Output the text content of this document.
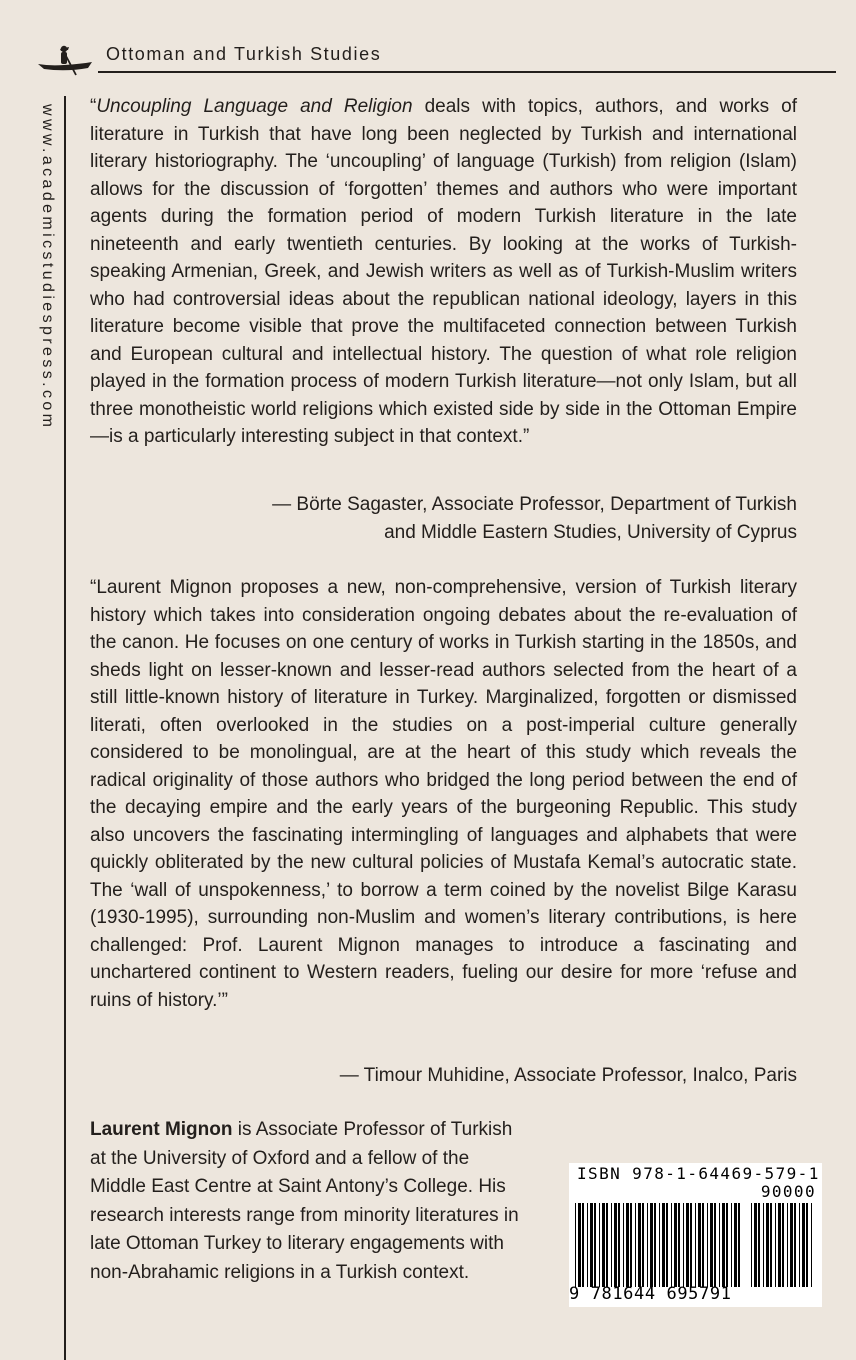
Ottoman and Turkish Studies
www.academicstudiespress.com “Uncoupling Language and Religion deals with topics, authors, and works of literature in Turkish that have long been neglected by Turkish and international literary historiography. The ‘uncoupling’ of language (Turkish) from religion (Islam) allows for the discussion of ‘forgotten’ themes and authors who were important agents during the formation period of modern Turkish literature in the late nineteenth and early twentieth centuries. By looking at the works of Turkish-speaking Armenian, Greek, and Jewish writers as well as of Turkish-Muslim writers who had controversial ideas about the republican national ideology, layers in this literature become visible that prove the multifaceted connection between Turkish and European cultural and intellectual history. The question of what role religion played in the formation process of modern Turkish literature—not only Islam, but all three monotheistic world religions which existed side by side in the Ottoman Empire—is a particularly interesting subject in that context.”

— Börte Sagaster, Associate Professor, Department of Turkish
and Middle Eastern Studies, University of Cyprus

“Laurent Mignon proposes a new, non-comprehensive, version of Turkish literary history which takes into consideration ongoing debates about the re-evaluation of the canon. He focuses on one century of works in Turkish starting in the 1850s, and sheds light on lesser-known and lesser-read authors selected from the heart of a still little-known history of literature in Turkey. Marginalized, forgotten or dismissed literati, often overlooked in the studies on a post-imperial culture generally considered to be monolingual, are at the heart of this study which reveals the radical originality of those authors who bridged the long period between the end of the decaying empire and the early years of the burgeoning Republic. This study also uncovers the fascinating intermingling of languages and alphabets that were quickly obliterated by the new cultural policies of Mustafa Kemal’s autocratic state. The ‘wall of unspokenness,’ to borrow a term coined by the novelist Bilge Karasu (1930-1995), surrounding non-Muslim and women’s literary contributions, is here challenged: Prof. Laurent Mignon manages to introduce a fascinating and unchartered continent to Western readers, fueling our desire for more ‘refuse and ruins of history.’”

— Timour Muhidine, Associate Professor, Inalco, Paris

Laurent Mignon is Associate Professor of Turkish at the University of Oxford and a fellow of the Middle East Centre at Saint Antony’s College. His research interests range from minority literatures in late Ottoman Turkey to literary engagements with non-Abrahamic religions in a Turkish context.

ISBN 978-1-64469-579-1
90000
9 781644 695791
